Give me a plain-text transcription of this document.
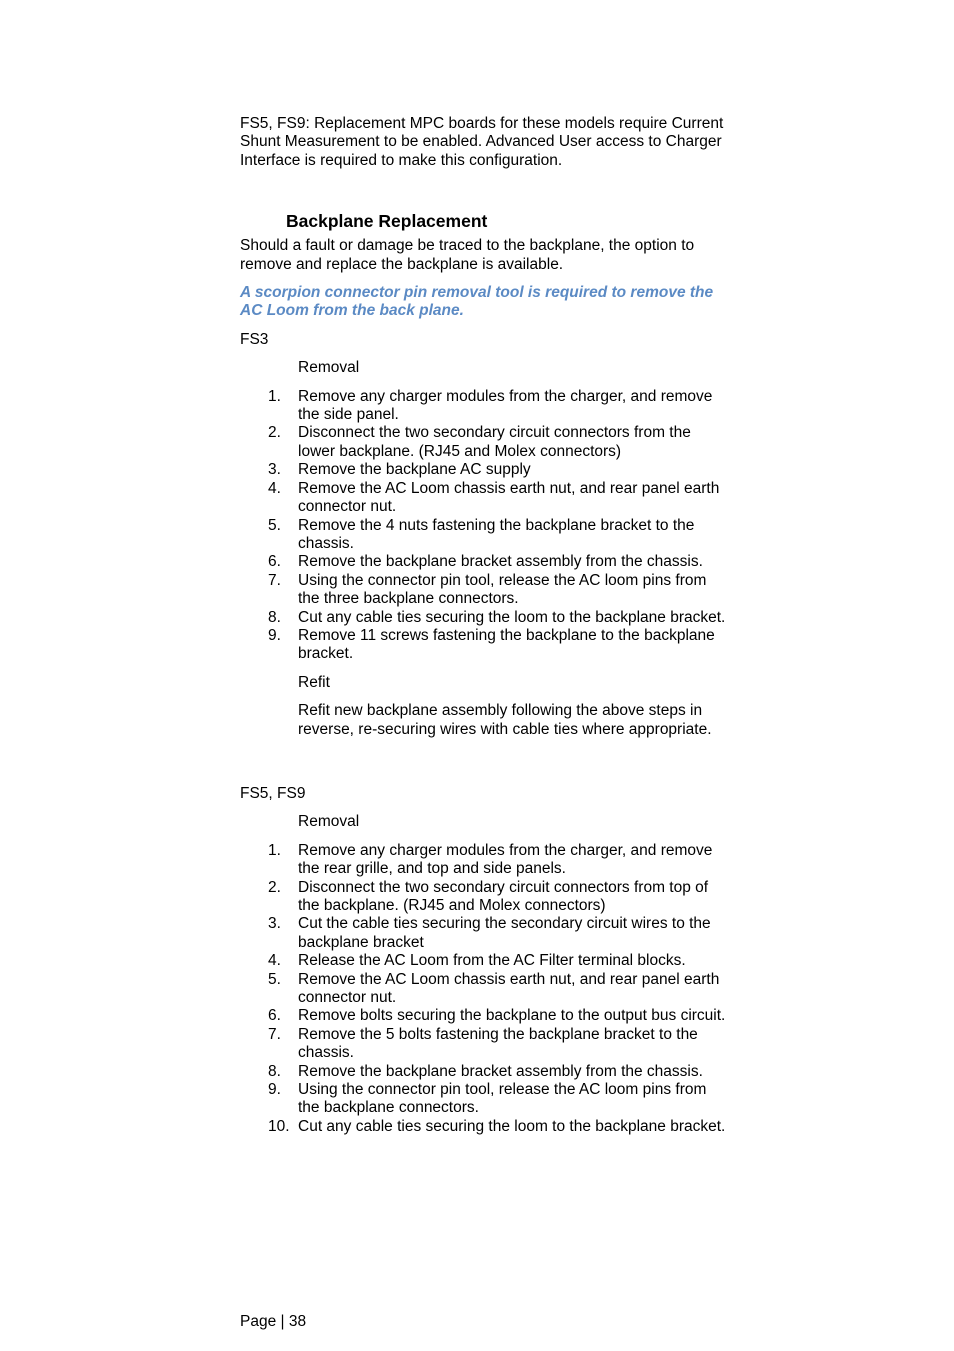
FS5, FS9: Replacement MPC boards for these models require Current Shunt Measurement to be enabled. Advanced User access to Charger Interface is required to make this configuration.

Backplane Replacement

Should a fault or damage be traced to the backplane, the option to remove and replace the backplane is available.

A scorpion connector pin removal tool is required to remove the AC Loom from the back plane.

FS3

Removal

1. Remove any charger modules from the charger, and remove the side panel.
2. Disconnect the two secondary circuit connectors from the lower backplane. (RJ45 and Molex connectors)
3. Remove the backplane AC supply
4. Remove the AC Loom chassis earth nut, and rear panel earth connector nut.
5. Remove the 4 nuts fastening the backplane bracket to the chassis.
6. Remove the backplane bracket assembly from the chassis.
7. Using the connector pin tool, release the AC loom pins from the three backplane connectors.
8. Cut any cable ties securing the loom to the backplane bracket.
9. Remove 11 screws fastening the backplane to the backplane bracket.

Refit

Refit new backplane assembly following the above steps in reverse, re-securing wires with cable ties where appropriate.

FS5, FS9

Removal

1. Remove any charger modules from the charger, and remove the rear grille, and top and side panels.
2. Disconnect the two secondary circuit connectors from top of the backplane. (RJ45 and Molex connectors)
3. Cut the cable ties securing the secondary circuit wires to the backplane bracket
4. Release the AC Loom from the AC Filter terminal blocks.
5. Remove the AC Loom chassis earth nut, and rear panel earth connector nut.
6. Remove bolts securing the backplane to the output bus circuit.
7. Remove the 5 bolts fastening the backplane bracket to the chassis.
8. Remove the backplane bracket assembly from the chassis.
9. Using the connector pin tool, release the AC loom pins from the backplane connectors.
10. Cut any cable ties securing the loom to the backplane bracket.
Page | 38
